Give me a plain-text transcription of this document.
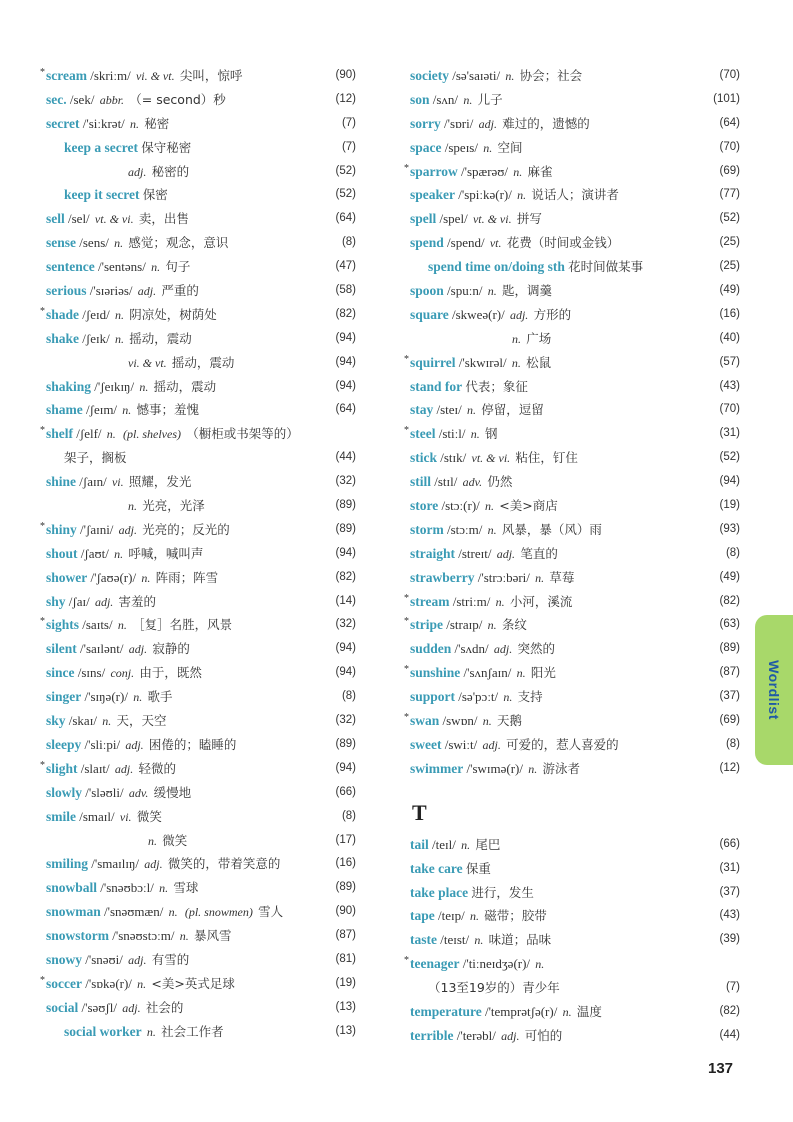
* scream /skriːm/ vi. & vt. 尖叫，惊呼	(90)
sec. /sek/ abbr. （= second）秒	(12)
secret /'siːkrət/ n. 秘密	(7)
keep a secret 保守秘密	(7)
adj. 秘密的	(52)
keep it secret 保密	(52)
sell /sel/ vt. & vi. 卖，出售	(64)
sense /sens/ n. 感觉；观念，意识	(8)
sentence /'sentəns/ n. 句子	(47)
serious /'sɪəriəs/ adj. 严重的	(58)
* shade /ʃeɪd/ n. 阴凉处，树荫处	(82)
shake /ʃeɪk/ n. 摇动，震动	(94)
vi. & vt. 摇动，震动	(94)
shaking /'ʃeɪkɪŋ/ n. 摇动，震动	(94)
shame /ʃeɪm/ n. 憾事；羞愧	(64)
* shelf /ʃelf/ n. (pl. shelves) （橱柜或书架等的）
架子，搁板	(44)
shine /ʃaɪn/ vi. 照耀，发光	(32)
n. 光亮，光泽	(89)
* shiny /'ʃaɪni/ adj. 光亮的；反光的	(89)
shout /ʃaʊt/ n. 呼喊，喊叫声	(94)
shower /'ʃaʊə(r)/ n. 阵雨；阵雪	(82)
shy /ʃaɪ/ adj. 害羞的	(14)
* sights /saɪts/ n. ［复］名胜，风景	(32)
silent /'saɪlənt/ adj. 寂静的	(94)
since /sɪns/ conj. 由于，既然	(94)
singer /'sɪŋə(r)/ n. 歌手	(8)
sky /skaɪ/ n. 天，天空	(32)
sleepy /'sliːpi/ adj. 困倦的；瞌睡的	(89)
* slight /slaɪt/ adj. 轻微的	(94)
slowly /'sləʊli/ adv. 缓慢地	(66)
smile /smaɪl/ vi. 微笑	(8)
n. 微笑	(17)
smiling /'smaɪlɪŋ/ adj. 微笑的，带着笑意的	(16)
snowball /'snəʊbɔːl/ n. 雪球	(89)
snowman /'snəʊmæn/ n. (pl. snowmen) 雪人	(90)
snowstorm /'snəʊstɔːm/ n. 暴风雪	(87)
snowy /'snəʊi/ adj. 有雪的	(81)
* soccer /'sɒkə(r)/ n. <美>英式足球	(19)
social /'səʊʃl/ adj. 社会的	(13)
social worker n. 社会工作者	(13)
society /sə'saɪəti/ n. 协会；社会	(70)
son /sʌn/ n. 儿子	(101)
sorry /'sɒri/ adj. 难过的，遗憾的	(64)
space /speɪs/ n. 空间	(70)
* sparrow /'spærəʊ/ n. 麻雀	(69)
speaker /'spiːkə(r)/ n. 说话人；演讲者	(77)
spell /spel/ vt. & vi. 拼写	(52)
spend /spend/ vt. 花费（时间或金钱）	(25)
spend time on/doing sth 花时间做某事	(25)
spoon /spuːn/ n. 匙，调羹	(49)
square /skweə(r)/ adj. 方形的	(16)
n. 广场	(40)
* squirrel /'skwɪrəl/ n. 松鼠	(57)
stand for 代表；象征	(43)
stay /steɪ/ n. 停留，逗留	(70)
* steel /stiːl/ n. 钢	(31)
stick /stɪk/ vt. & vi. 粘住，钉住	(52)
still /stɪl/ adv. 仍然	(94)
store /stɔː(r)/ n. <美>商店	(19)
storm /stɔːm/ n. 风暴，暴（风）雨	(93)
straight /streɪt/ adj. 笔直的	(8)
strawberry /'strɔːbəri/ n. 草莓	(49)
* stream /striːm/ n. 小河，溪流	(82)
* stripe /straɪp/ n. 条纹	(63)
sudden /'sʌdn/ adj. 突然的	(89)
* sunshine /'sʌnʃaɪn/ n. 阳光	(87)
support /sə'pɔːt/ n. 支持	(37)
* swan /swɒn/ n. 天鹅	(69)
sweet /swiːt/ adj. 可爱的，惹人喜爱的	(8)
swimmer /'swɪmə(r)/ n. 游泳者	(12)
T
tail /teɪl/ n. 尾巴	(66)
take care 保重	(31)
take place 进行，发生	(37)
tape /teɪp/ n. 磁带；胶带	(43)
taste /teɪst/ n. 味道；品味	(39)
* teenager /'tiːneɪdʒə(r)/ n.
（13至19岁的）青少年	(7)
temperature /'temprətʃə(r)/ n. 温度	(82)
terrible /'terəbl/ adj. 可怕的	(44)
Wordlist
137
